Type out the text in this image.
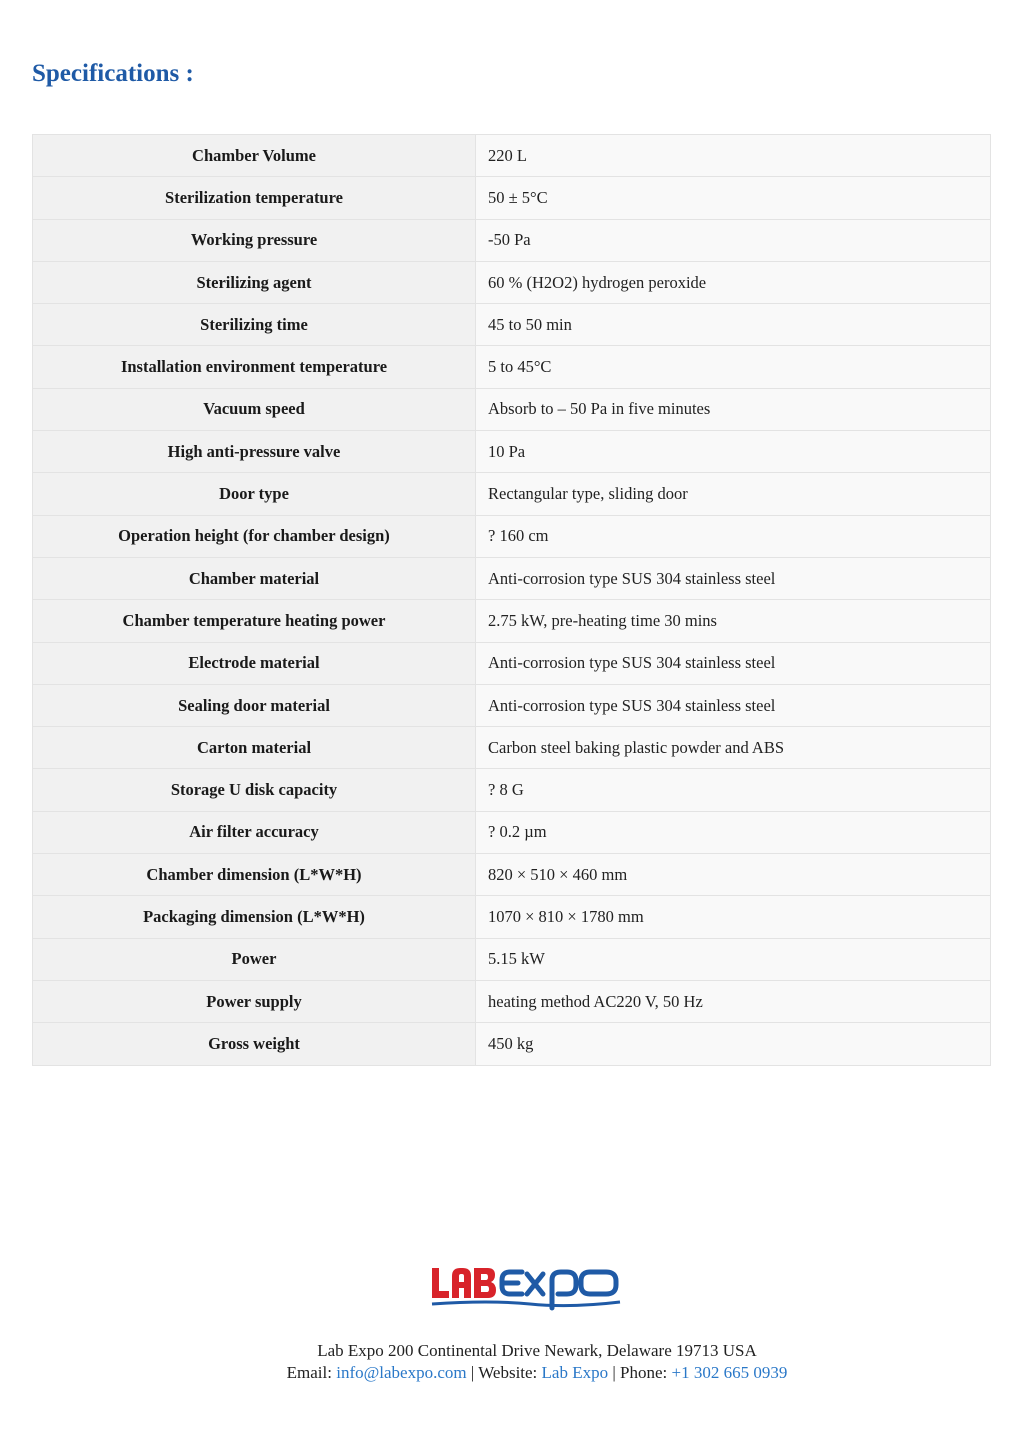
Specifications :
Chamber Volume	220 L
Sterilization temperature	50 ± 5°C
Working pressure	-50 Pa
Sterilizing agent	60 % (H2O2) hydrogen peroxide
Sterilizing time	45 to 50 min
Installation environment temperature	5 to 45°C
Vacuum speed	Absorb to – 50 Pa in five minutes
High anti-pressure valve	10 Pa
Door type	Rectangular type, sliding door
Operation height (for chamber design)	? 160 cm
Chamber material	Anti-corrosion type SUS 304 stainless steel
Chamber temperature heating power	2.75 kW, pre-heating time 30 mins
Electrode material	Anti-corrosion type SUS 304 stainless steel
Sealing door material	Anti-corrosion type SUS 304 stainless steel
Carton material	Carbon steel baking plastic powder and ABS
Storage U disk capacity	? 8 G
Air filter accuracy	? 0.2 µm
Chamber dimension (L*W*H)	820 × 510 × 460 mm
Packaging dimension (L*W*H)	1070 × 810 × 1780 mm
Power	5.15 kW
Power supply	heating method AC220 V, 50 Hz
Gross weight	450 kg
Lab Expo 200 Continental Drive Newark, Delaware 19713 USA
Email: info@labexpo.com | Website: Lab Expo | Phone: +1 302 665 0939
